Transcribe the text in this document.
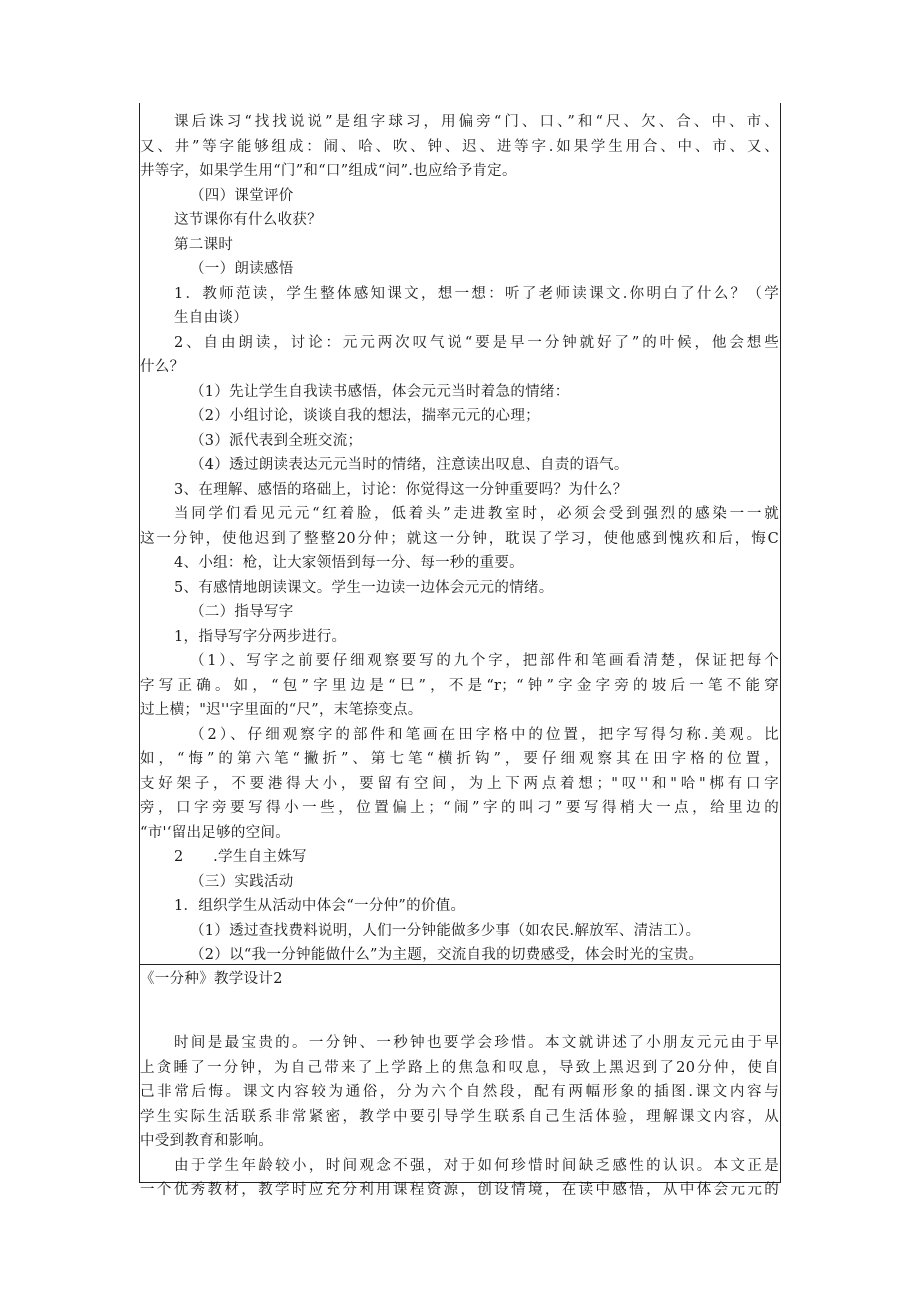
课后诛习“找找说说”是组字球习，用偏旁“门、口、”和“尺、欠、合、中、市、
又、井”等字能够组成：闹、哈、吹、钟、迟、进等字.如果学生用合、中、市、又、
井等字，如果学生用“门”和“口”组成“问”.也应给予肯定。
（四）课堂评价
这节课你有什么收获？
第二课时
（一）朗读感悟
1．教师范读，学生整体感知课文，想一想：听了老师读课文.你明白了什么？（学
生自由谈）
2、自由朗读，讨论：元元两次叹气说“要是早一分钟就好了”的叶候，他会想些
什么？
（1）先让学生自我读书感悟，体会元元当时着急的情绪：
（2）小组讨论，谈谈自我的想法，揣率元元的心理；
（3）派代表到全班交流；
（4）透过朗读表达元元当时的情绪，注意读出叹息、自责的语气。
3、在理解、感悟的珞础上，讨论：你觉得这一分钟重要吗？为什么？
当同学们看见元元“红着脸，低着头”走进教室时，必须会受到强烈的感染一一就
这一分钟，使他迟到了整整20分仲；就这一分钟，耽误了学习，使他感到愧疚和后，悔C
4、小组：枪，让大家领悟到每一分、每一秒的重要。
5、有感情地朗读课文。学生一边读一边体会元元的情绪。
（二）指导写字
1，指导写字分两步进行。
（1）、写字之前要仔细观察要写的九个字，把部件和笔画看清楚，保证把每个
字写正确。如，“包”字里边是“巳”，不是“r；“钟”字金字旁的坡后一笔不能穿
过上横；"迟''字里面的“尺”，末笔捺变点。
（2）、仔细观察字的部件和笔画在田字格中的位置，把字写得匀称.美观。比
如，“悔”的第六笔“撇折”、第七笔“横折钩”，要仔细观察其在田字格的位置，
支好架子，不要港得大小，要留有空间，为上下两点着想；"叹''和"哈"梆有口字
旁，口字旁要写得小一些，位置偏上；“闹”字的叫刁”要写得梢大一点，给里边的
“市'‘留出足够的空间。
2　　.学生自主姝写
（三）实践活动
1．组织学生从活动中体会“一分仲”的价值。
（1）透过查找费料说明，人们一分钟能做多少事（如农民.解放军、清洁工）。
（2）以“我一分钟能做什么”为主题，交流自我的切费感受，体会时光的宝贵。
《一分种》教学设计2
时间是最宝贵的。一分钟、一秒钟也要学会珍惜。本文就讲述了小朋友元元由于早
上贪睡了一分钟，为自己带来了上学路上的焦急和叹息，导致上黑迟到了20分仲，使自
己非常后悔。课文内容较为通俗，分为六个自然段，配有两幅形象的插图.课文内容与
学生实际生活联系非常紧密，教学中要引导学生联系自己生活体验，理解课文内容，从
中受到教育和影响。
由于学生年龄较小，时间观念不强，对于如何珍惜时间缺乏感性的认识。本文正是
一个优秀教材，教学时应充分利用课程资源，创设情境，在读中感悟，从中体会元元的
